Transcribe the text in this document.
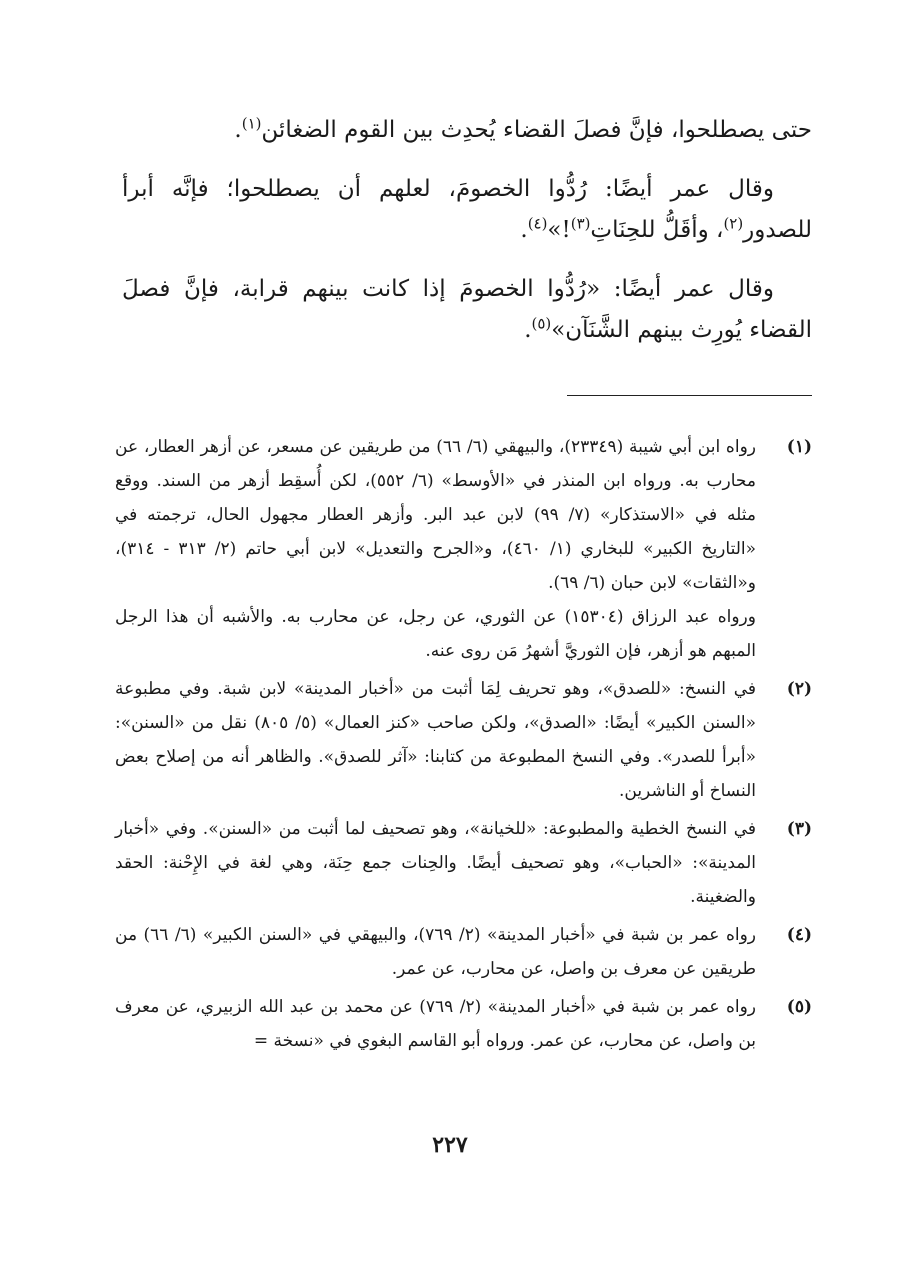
حتى يصطلحوا، فإنَّ فصلَ القضاء يُحدِث بين القوم الضغائن$^{(١)}$.

وقال عمر أيضًا: رُدُّوا الخصومَ، لعلهم أن يصطلحوا؛ فإنَّه أبرأ للصدور$^{(٢)}$، وأقَلُّ للحِنَاتِ$^{(٣)}$!»$^{(٤)}$.

وقال عمر أيضًا: «رُدُّوا الخصومَ إذا كانت بينهم قرابة، فإنَّ فصلَ القضاء يُورِث بينهم الشَّنَآن»$^{(٥)}$.

(١)

رواه ابن أبي شيبة (٢٣٣٤٩)، والبيهقي (٦/ ٦٦) من طريقين عن مسعر، عن أزهر العطار، عن محارب به. ورواه ابن المنذر في «الأوسط» (٦/ ٥٥٢)، لكن أُسقِط أزهر من السند. ووقع مثله في «الاستذكار» (٧/ ٩٩) لابن عبد البر. وأزهر العطار مجهول الحال، ترجمته في «التاريخ الكبير» للبخاري (١/ ٤٦٠)، و«الجرح والتعديل» لابن أبي حاتم (٢/ ٣١٣ - ٣١٤)، و«الثقات» لابن حبان (٦/ ٦٩).

ورواه عبد الرزاق (١٥٣٠٤) عن الثوري، عن رجل، عن محارب به. والأشبه أن هذا الرجل المبهم هو أزهر، فإن الثوريَّ أشهرُ مَن روى عنه.

(٢)

في النسخ: «للصدق»، وهو تحريف لِمَا أثبت من «أخبار المدينة» لابن شبة. وفي مطبوعة «السنن الكبير» أيضًا: «الصدق»، ولكن صاحب «كنز العمال» (٥/ ٨٠٥) نقل من «السنن»: «أبرأ للصدر». وفي النسخ المطبوعة من كتابنا: «آثر للصدق». والظاهر أنه من إصلاح بعض النساخ أو الناشرين.

(٣)

في النسخ الخطية والمطبوعة: «للخيانة»، وهو تصحيف لما أثبت من «السنن». وفي «أخبار المدينة»: «الحباب»، وهو تصحيف أيضًا. والحِنات جمع حِنَة، وهي لغة في الإِحْنة: الحقد والضغينة.

(٤)

رواه عمر بن شبة في «أخبار المدينة» (٢/ ٧٦٩)، والبيهقي في «السنن الكبير» (٦/ ٦٦) من طريقين عن معرف بن واصل، عن محارب، عن عمر.

(٥)

رواه عمر بن شبة في «أخبار المدينة» (٢/ ٧٦٩) عن محمد بن عبد الله الزبيري، عن معرف بن واصل، عن محارب، عن عمر. ورواه أبو القاسم البغوي في «نسخة =

٢٢٧
